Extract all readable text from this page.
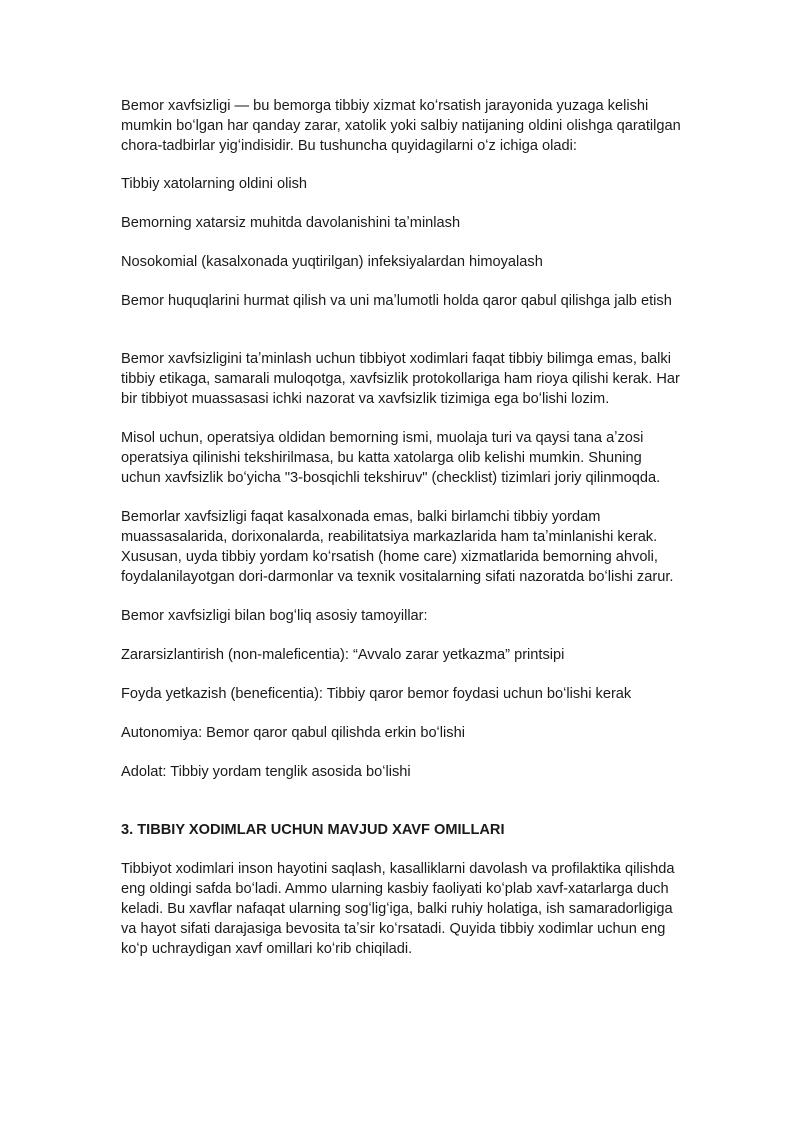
Bemor xavfsizligi — bu bemorga tibbiy xizmat koʻrsatish jarayonida yuzaga kelishi mumkin boʻlgan har qanday zarar, xatolik yoki salbiy natijaning oldini olishga qaratilgan chora-tadbirlar yigʻindisidir. Bu tushuncha quyidagilarni oʻz ichiga oladi:

Tibbiy xatolarning oldini olish

Bemorning xatarsiz muhitda davolanishini taʼminlash

Nosokomial (kasalxonada yuqtirilgan) infeksiyalardan himoyalash

Bemor huquqlarini hurmat qilish va uni maʼlumotli holda qaror qabul qilishga jalb etish

Bemor xavfsizligini taʼminlash uchun tibbiyot xodimlari faqat tibbiy bilimga emas, balki tibbiy etikaga, samarali muloqotga, xavfsizlik protokollariga ham rioya qilishi kerak. Har bir tibbiyot muassasasi ichki nazorat va xavfsizlik tizimiga ega boʻlishi lozim.

Misol uchun, operatsiya oldidan bemorning ismi, muolaja turi va qaysi tana aʼzosi operatsiya qilinishi tekshirilmasa, bu katta xatolarga olib kelishi mumkin. Shuning uchun xavfsizlik boʻyicha "3-bosqichli tekshiruv" (checklist) tizimlari joriy qilinmoqda.

Bemorlar xavfsizligi faqat kasalxonada emas, balki birlamchi tibbiy yordam muassasalarida, dorixonalarda, reabilitatsiya markazlarida ham taʼminlanishi kerak. Xususan, uyda tibbiy yordam koʻrsatish (home care) xizmatlarida bemorning ahvoli, foydalanilayotgan dori-darmonlar va texnik vositalarning sifati nazoratda boʻlishi zarur.

Bemor xavfsizligi bilan bogʻliq asosiy tamoyillar:

Zararsizlantirish (non-maleficentia): “Avvalo zarar yetkazma” printsipi

Foyda yetkazish (beneficentia): Tibbiy qaror bemor foydasi uchun boʻlishi kerak

Autonomiya: Bemor qaror qabul qilishda erkin boʻlishi

Adolat: Tibbiy yordam tenglik asosida boʻlishi

3. TIBBIY XODIMLAR UCHUN MAVJUD XAVF OMILLARI

Tibbiyot xodimlari inson hayotini saqlash, kasalliklarni davolash va profilaktika qilishda eng oldingi safda boʻladi. Ammo ularning kasbiy faoliyati koʻplab xavf-xatarlarga duch keladi. Bu xavflar nafaqat ularning sogʻligʻiga, balki ruhiy holatiga, ish samaradorligiga va hayot sifati darajasiga bevosita taʼsir koʻrsatadi. Quyida tibbiy xodimlar uchun eng koʻp uchraydigan xavf omillari koʻrib chiqiladi.
